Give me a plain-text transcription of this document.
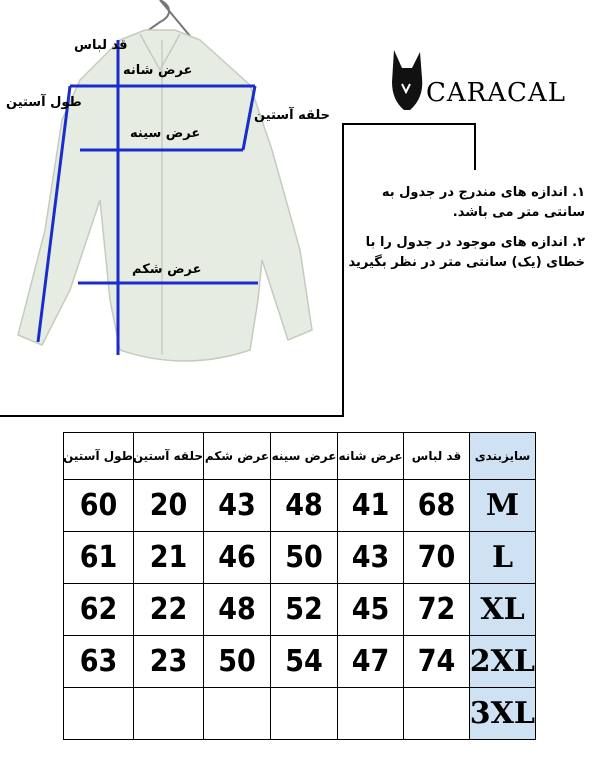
قد لباس
عرض شانه
طول آستین
حلقه آستین
عرض سینه
عرض شکم
CARACAL

۱. اندازه های مندرج در جدول به سانتی متر می باشد.

۲. اندازه های موجود در جدول را با خطای (یک) سانتی متر در نظر بگیرید

سایزبندی	قد لباس	عرض شانه	عرض سینه	عرض شکم	حلقه آستین	طول آستین
M	68	41	48	43	20	60
L	70	43	50	46	21	61
XL	72	45	52	48	22	62
2XL	74	47	54	50	23	63
3XL						
